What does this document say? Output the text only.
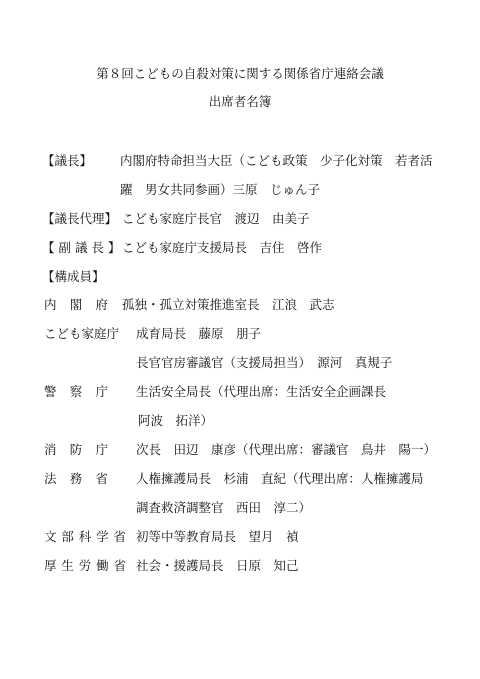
第８回こどもの自殺対策に関する関係省庁連絡会議
出席者名簿
【議長】 内閣府特命担当大臣（こども政策　少子化対策　若者活
躍　男女共同参画）三原　じゅん子
【議長代理】 こども家庭庁長官　渡辺　由美子
【 副 議 長 】 こども家庭庁支援局長　吉住　啓作
【構成員】
内閣府 孤独・孤立対策推進室長　江浪　武志
こども家庭庁 成育局長　藤原　朋子
長官官房審議官（支援局担当）　源河　真規子
警察庁 生活安全局長（代理出席：生活安全企画課長
阿波　拓洋）
消防庁 次長　田辺　康彦（代理出席：審議官　鳥井　陽一）
法務省 人権擁護局長　杉浦　直紀（代理出席：人権擁護局
調査救済調整官　西田　淳二）
文部科学省 初等中等教育局長　望月　禎
厚生労働省 社会・援護局長　日原　知己
